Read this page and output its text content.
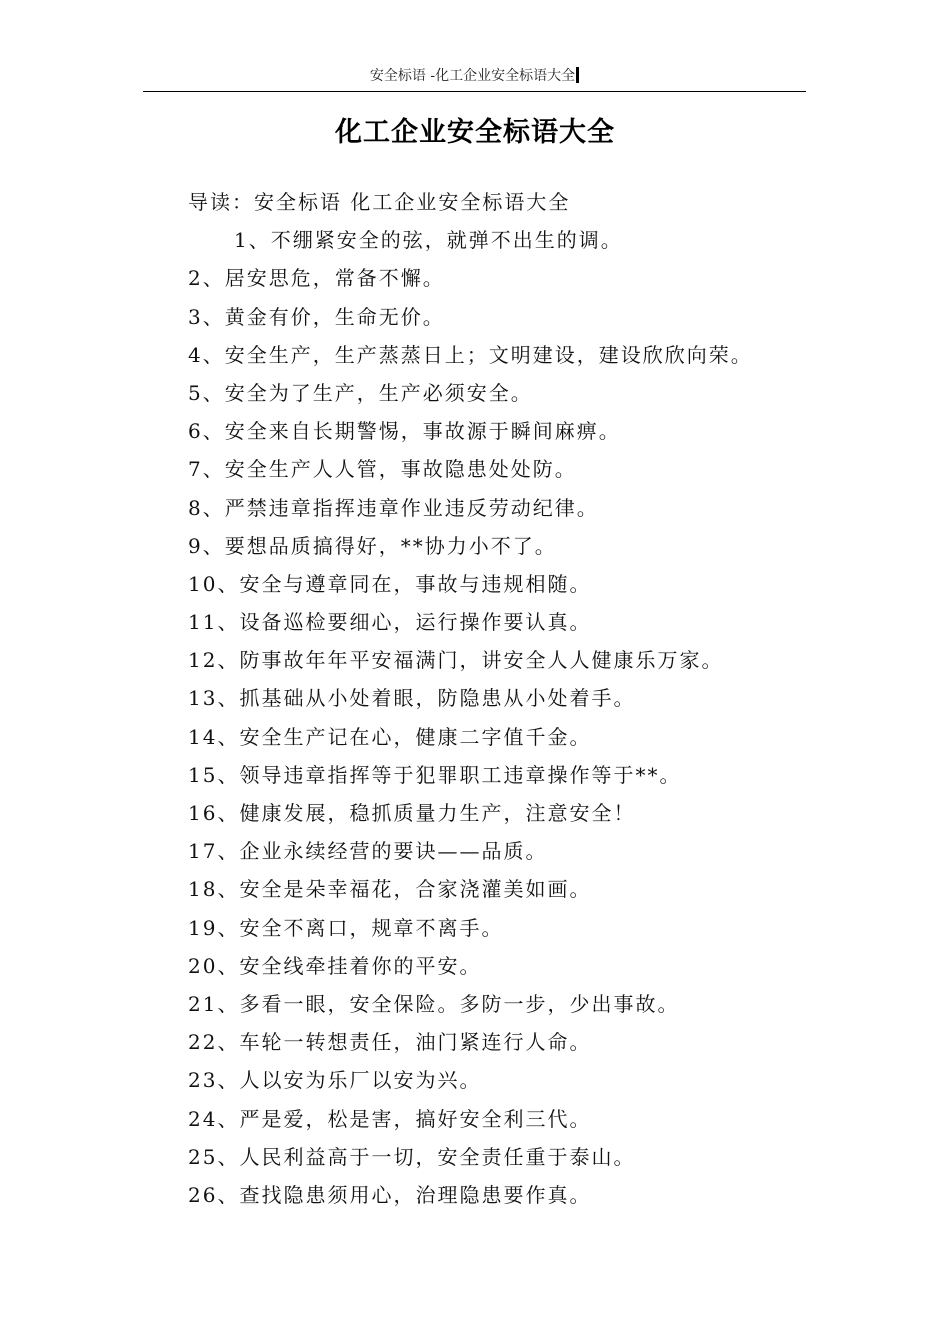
安全标语 -化工企业安全标语大全
化工企业安全标语大全
导读：安全标语 化工企业安全标语大全
1、不绷紧安全的弦，就弹不出生的调。
2、居安思危，常备不懈。
3、黄金有价，生命无价。
4、安全生产，生产蒸蒸日上；文明建设，建设欣欣向荣。
5、安全为了生产，生产必须安全。
6、安全来自长期警惕，事故源于瞬间麻痹。
7、安全生产人人管，事故隐患处处防。
8、严禁违章指挥违章作业违反劳动纪律。
9、要想品质搞得好，**协力小不了。
10、安全与遵章同在，事故与违规相随。
11、设备巡检要细心，运行操作要认真。
12、防事故年年平安福满门，讲安全人人健康乐万家。
13、抓基础从小处着眼，防隐患从小处着手。
14、安全生产记在心，健康二字值千金。
15、领导违章指挥等于犯罪职工违章操作等于**。
16、健康发展，稳抓质量力生产，注意安全！
17、企业永续经营的要诀——品质。
18、安全是朵幸福花，合家浇灌美如画。
19、安全不离口，规章不离手。
20、安全线牵挂着你的平安。
21、多看一眼，安全保险。多防一步，少出事故。
22、车轮一转想责任，油门紧连行人命。
23、人以安为乐厂以安为兴。
24、严是爱，松是害，搞好安全利三代。
25、人民利益高于一切，安全责任重于泰山。
26、查找隐患须用心，治理隐患要作真。
